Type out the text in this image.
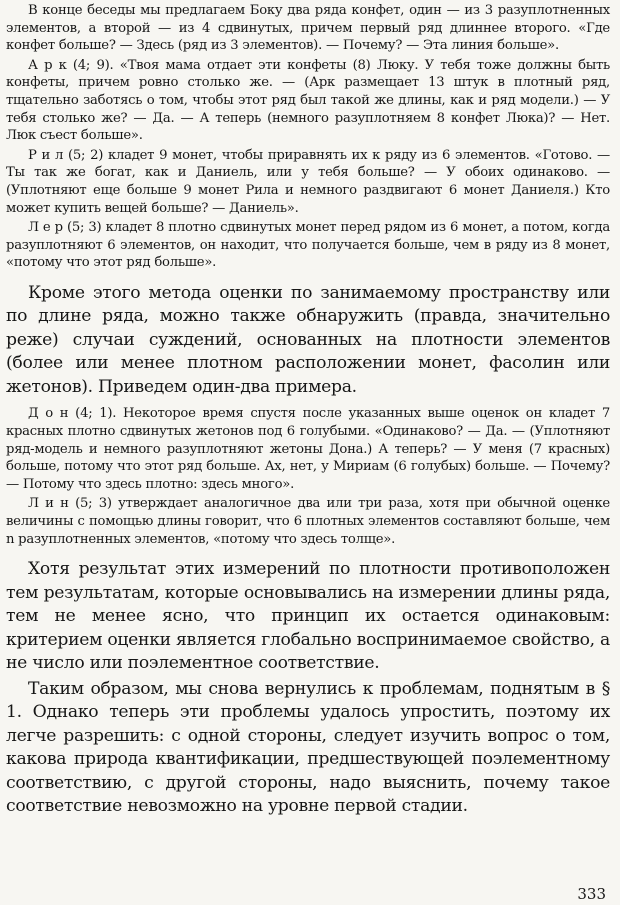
В конце беседы мы предлагаем Боку два ряда конфет, один — из 3 разуплотненных элементов, а второй — из 4 сдвинутых, причем первый ряд длиннее второго. «Где конфет больше? — Здесь (ряд из 3 элементов). — Почему? — Эта линия больше».

А р к (4; 9). «Твоя мама отдает эти конфеты (8) Люку. У тебя тоже должны быть конфеты, причем ровно столько же. — (Арк размещает 13 штук в плотный ряд, тщательно заботясь о том, чтобы этот ряд был такой же длины, как и ряд модели.) — У тебя столько же? — Да. — А теперь (немного разуплотняем 8 конфет Люка)? — Нет. Люк съест больше».

Р и л (5; 2) кладет 9 монет, чтобы приравнять их к ряду из 6 элементов. «Готово. — Ты так же богат, как и Даниель, или у тебя больше? — У обоих одинаково. — (Уплотняют еще больше 9 монет Рила и немного раздвигают 6 монет Даниеля.) Кто может купить вещей больше? — Даниель».

Л е р (5; 3) кладет 8 плотно сдвинутых монет перед рядом из 6 монет, а потом, когда разуплотняют 6 элементов, он находит, что получается больше, чем в ряду из 8 монет, «потому что этот ряд больше».

Кроме этого метода оценки по занимаемому пространству или по длине ряда, можно также обнаружить (правда, значительно реже) случаи суждений, основанных на плотности элементов (более или менее плотном расположении монет, фасолин или жетонов). Приведем один-два примера.

Д о н (4; 1). Некоторое время спустя после указанных выше оценок он кладет 7 красных плотно сдвинутых жетонов под 6 голубыми. «Одинаково? — Да. — (Уплотняют ряд-модель и немного разуплотняют жетоны Дона.) А теперь? — У меня (7 красных) больше, потому что этот ряд больше. Ах, нет, у Мириам (6 голубых) больше. — Почему? — Потому что здесь плотно: здесь много».

Л и н (5; 3) утверждает аналогичное два или три раза, хотя при обычной оценке величины с помощью длины говорит, что 6 плотных элементов составляют больше, чем n разуплотненных элементов, «потому что здесь толще».

Хотя результат этих измерений по плотности противоположен тем результатам, которые основывались на измерении длины ряда, тем не менее ясно, что принцип их остается одинаковым: критерием оценки является глобально воспринимаемое свойство, а не число или поэлементное соответствие.

Таким образом, мы снова вернулись к проблемам, поднятым в § 1. Однако теперь эти проблемы удалось упростить, поэтому их легче разрешить: с одной стороны, следует изучить вопрос о том, какова природа квантификации, предшествующей поэлементному соответствию, с другой стороны, надо выяснить, почему такое соответствие невозможно на уровне первой стадии.

333
